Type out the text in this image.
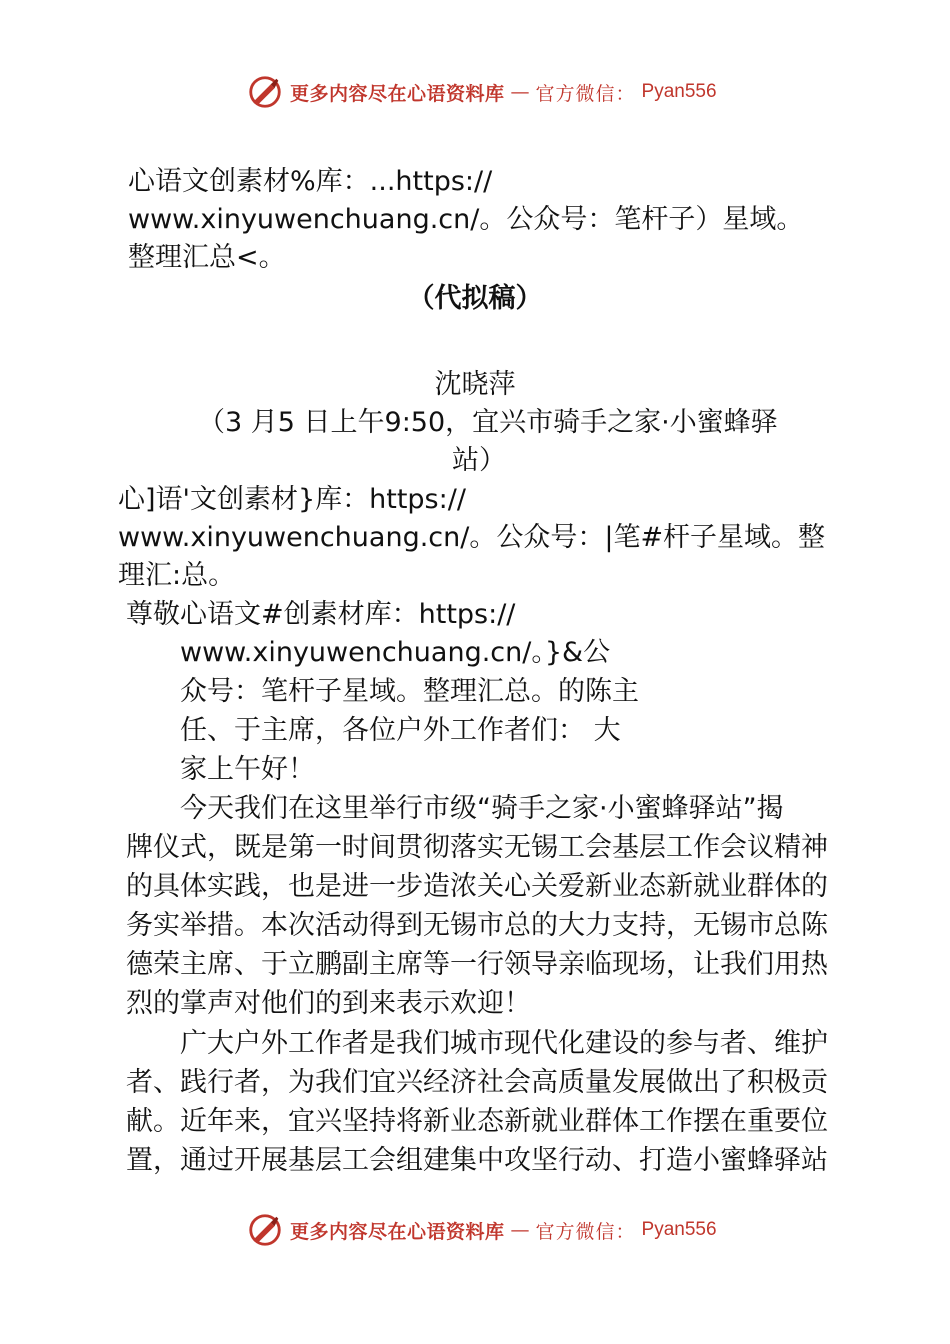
更多内容尽在心语资料库 — 官方微信： Pyan556
心语文创素材%库：...https://
www.xinyuwenchuang.cn/。公众号：笔杆子）星域。
整理汇总<。
（代拟稿）
沈晓萍
（3 月5 日上午9:50，宜兴市骑手之家·小蜜蜂驿
站）
心]语'文创素材}库：https://
www.xinyuwenchuang.cn/。公众号：|笔#杆子星域。整
理汇:总。
尊敬心语文#创素材库：https://
www.xinyuwenchuang.cn/。}&公
众号：笔杆子星域。整理汇总。的陈主
任、于主席，各位户外工作者们： 大
家上午好！
今天我们在这里举行市级“骑手之家·小蜜蜂驿站”揭
牌仪式，既是第一时间贯彻落实无锡工会基层工作会议精神
的具体实践，也是进一步造浓关心关爱新业态新就业群体的
务实举措。本次活动得到无锡市总的大力支持，无锡市总陈
德荣主席、于立鹏副主席等一行领导亲临现场，让我们用热
烈的掌声对他们的到来表示欢迎！
广大户外工作者是我们城市现代化建设的参与者、维护
者、践行者，为我们宜兴经济社会高质量发展做出了积极贡
献。近年来，宜兴坚持将新业态新就业群体工作摆在重要位
置，通过开展基层工会组建集中攻坚行动、打造小蜜蜂驿站
更多内容尽在心语资料库 — 官方微信： Pyan556
